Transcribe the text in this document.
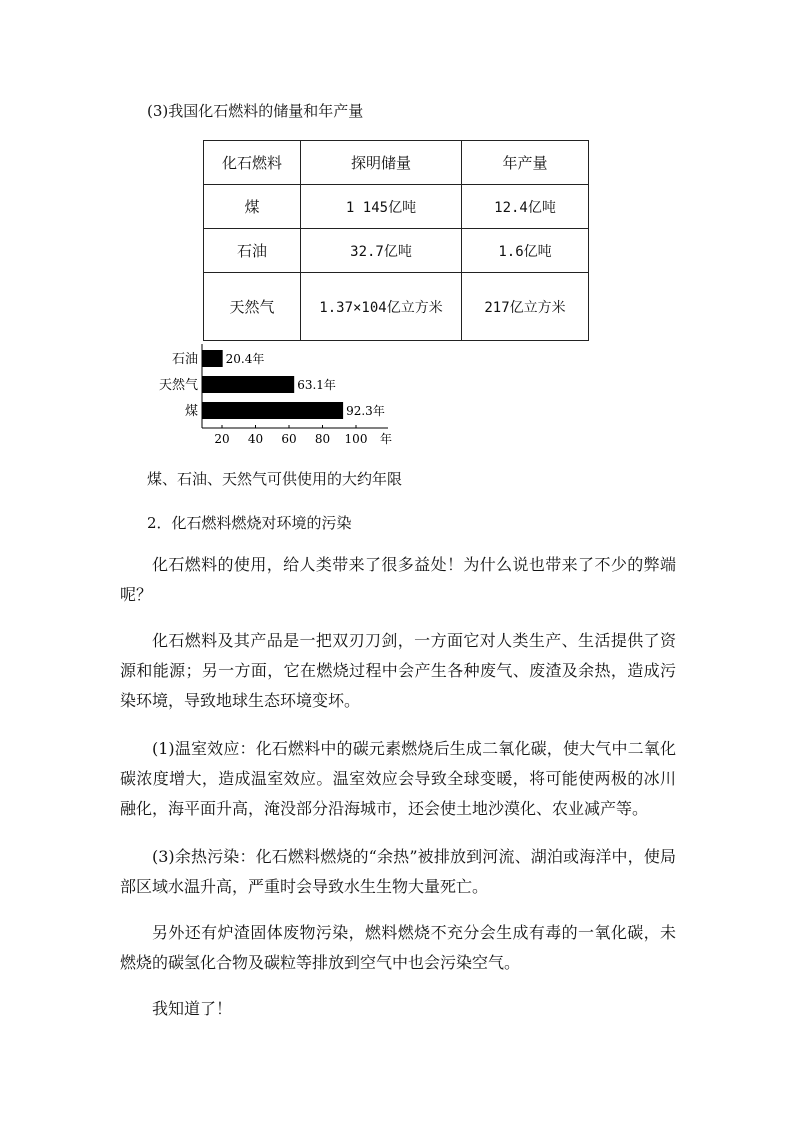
(3)我国化石燃料的储量和年产量
化石燃料	探明储量	年产量
煤	1 145亿吨	12.4亿吨
石油	32.7亿吨	1.6亿吨
天然气	1.37×104亿立方米	217亿立方米
石油 20.4年
天然气	63.1年
煤	92.3年
20 40 60 80 100 年
煤、石油、天然气可供使用的大约年限
2．化石燃料燃烧对环境的污染

化石燃料的使用，给人类带来了很多益处！为什么说也带来了不少的弊端呢？

化石燃料及其产品是一把双刃刀剑，一方面它对人类生产、生活提供了资源和能源；另一方面，它在燃烧过程中会产生各种废气、废渣及余热，造成污染环境，导致地球生态环境变坏。

(1)温室效应：化石燃料中的碳元素燃烧后生成二氧化碳，使大气中二氧化碳浓度增大，造成温室效应。温室效应会导致全球变暖，将可能使两极的冰川融化，海平面升高，淹没部分沿海城市，还会使土地沙漠化、农业减产等。

(3)余热污染：化石燃料燃烧的“余热”被排放到河流、湖泊或海洋中，使局部区域水温升高，严重时会导致水生生物大量死亡。

另外还有炉渣固体废物污染，燃料燃烧不充分会生成有毒的一氧化碳，未燃烧的碳氢化合物及碳粒等排放到空气中也会污染空气。

我知道了！
